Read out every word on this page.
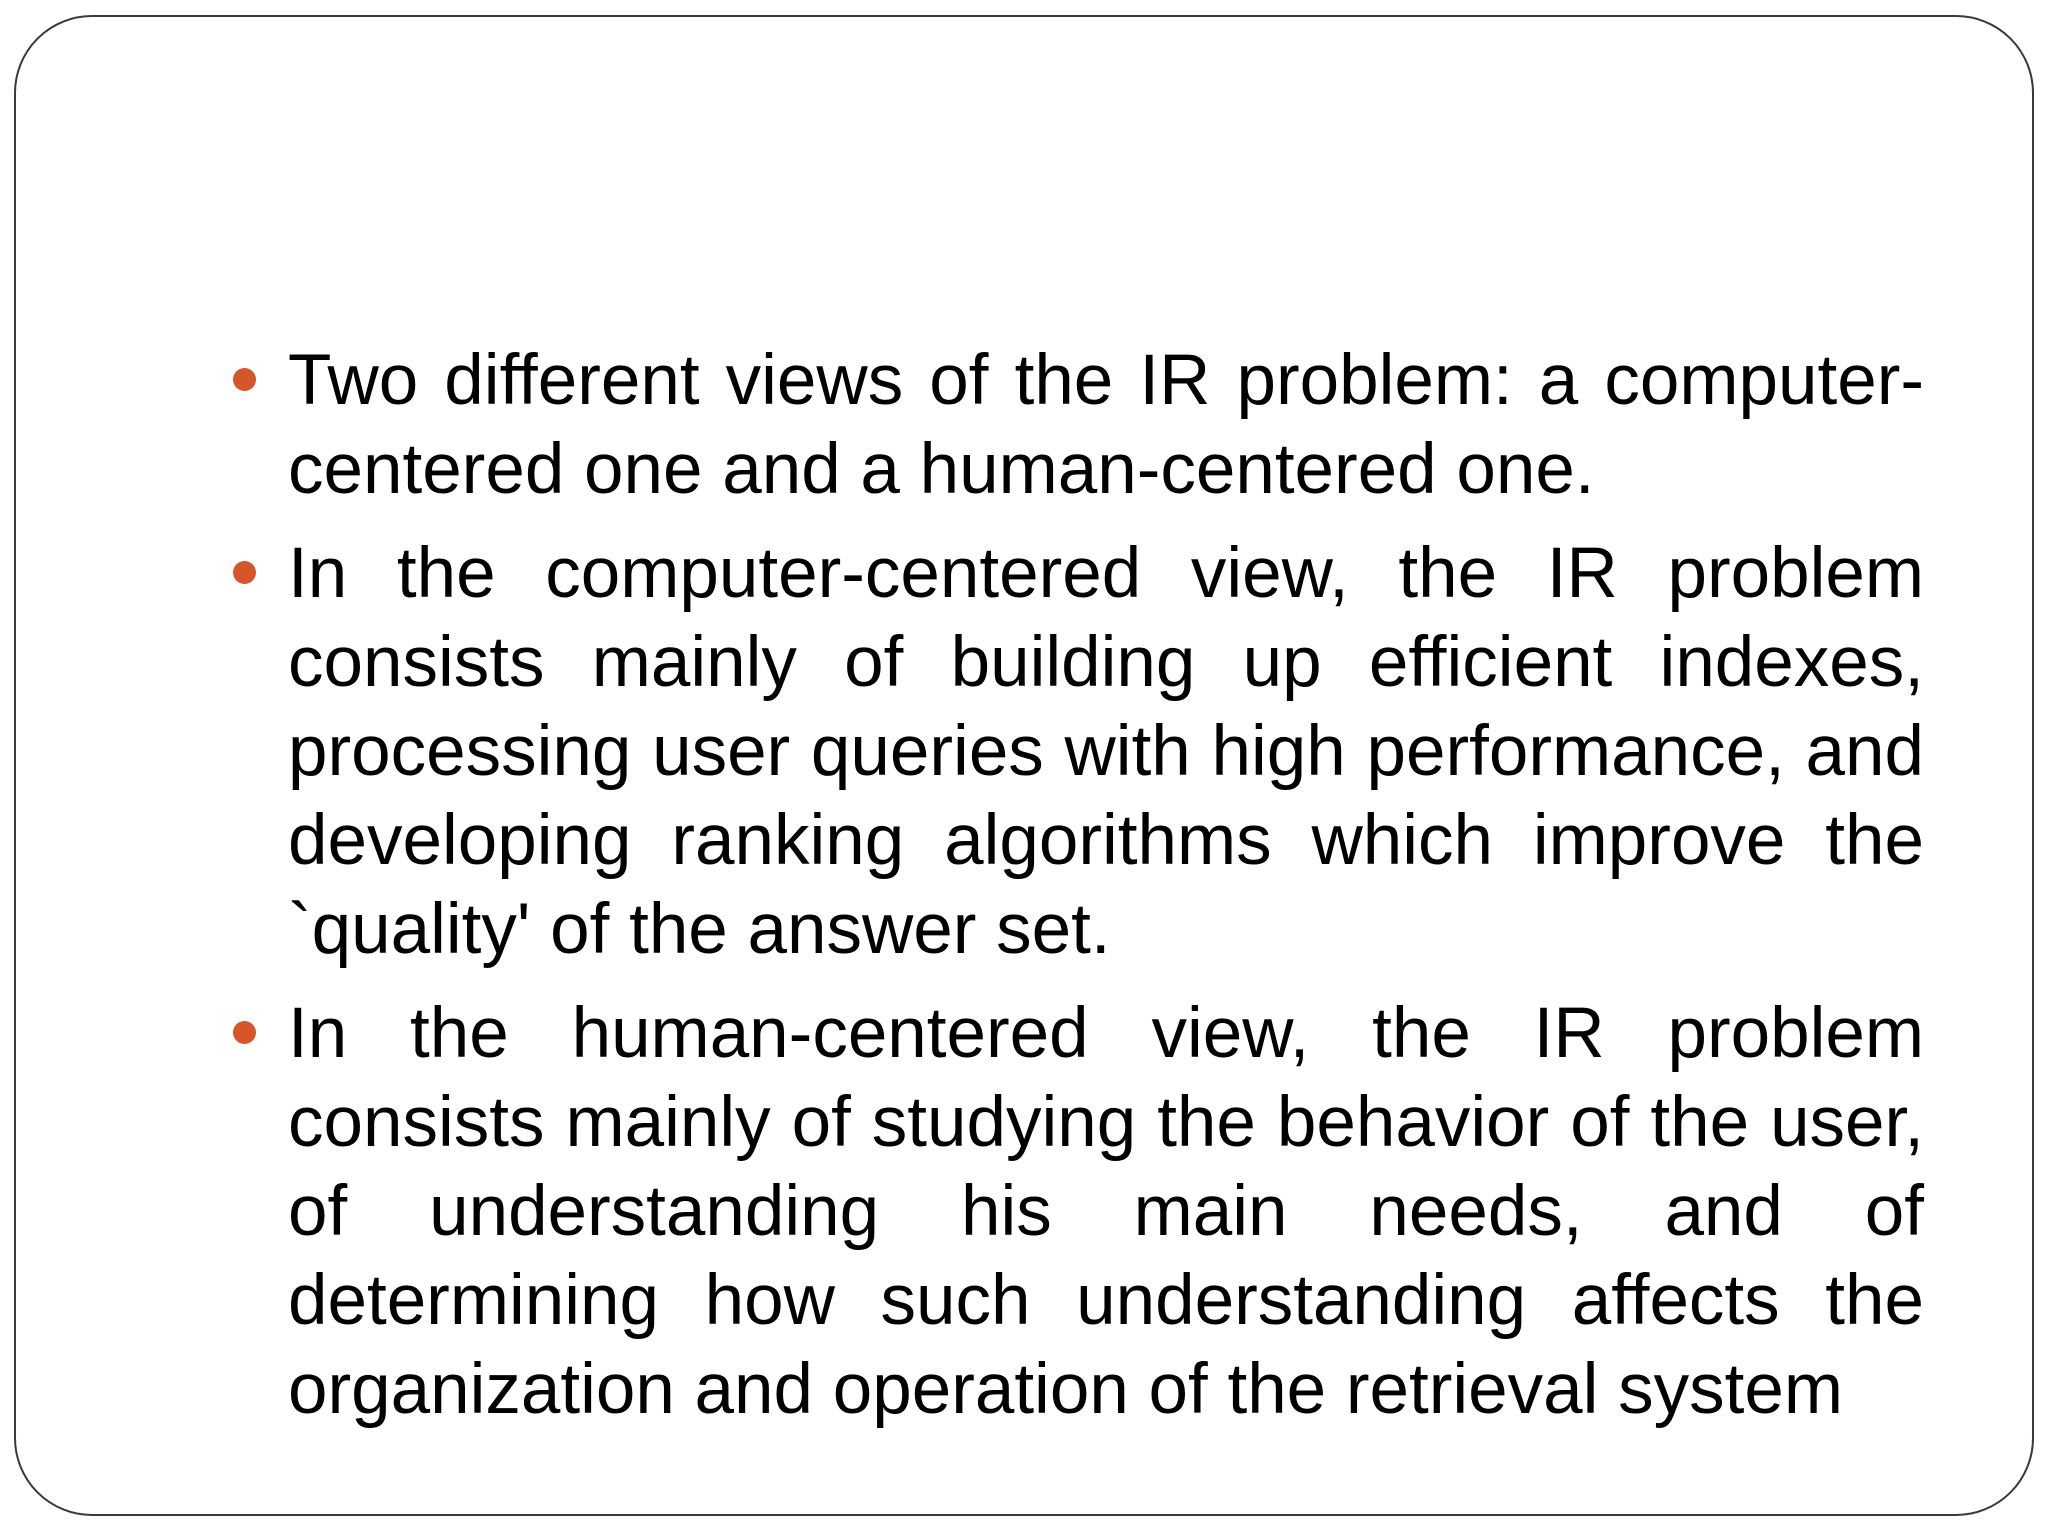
Two different views of the IR problem: a computer-centered one and a human-centered one.
In the computer-centered view, the IR problem consists mainly of building up efficient indexes, processing user queries with high performance, and developing ranking algorithms which improve the `quality' of the answer set.
In the human-centered view, the IR problem consists mainly of studying the behavior of the user, of understanding his main needs, and of determining how such understanding affects the organization and operation of the retrieval system
